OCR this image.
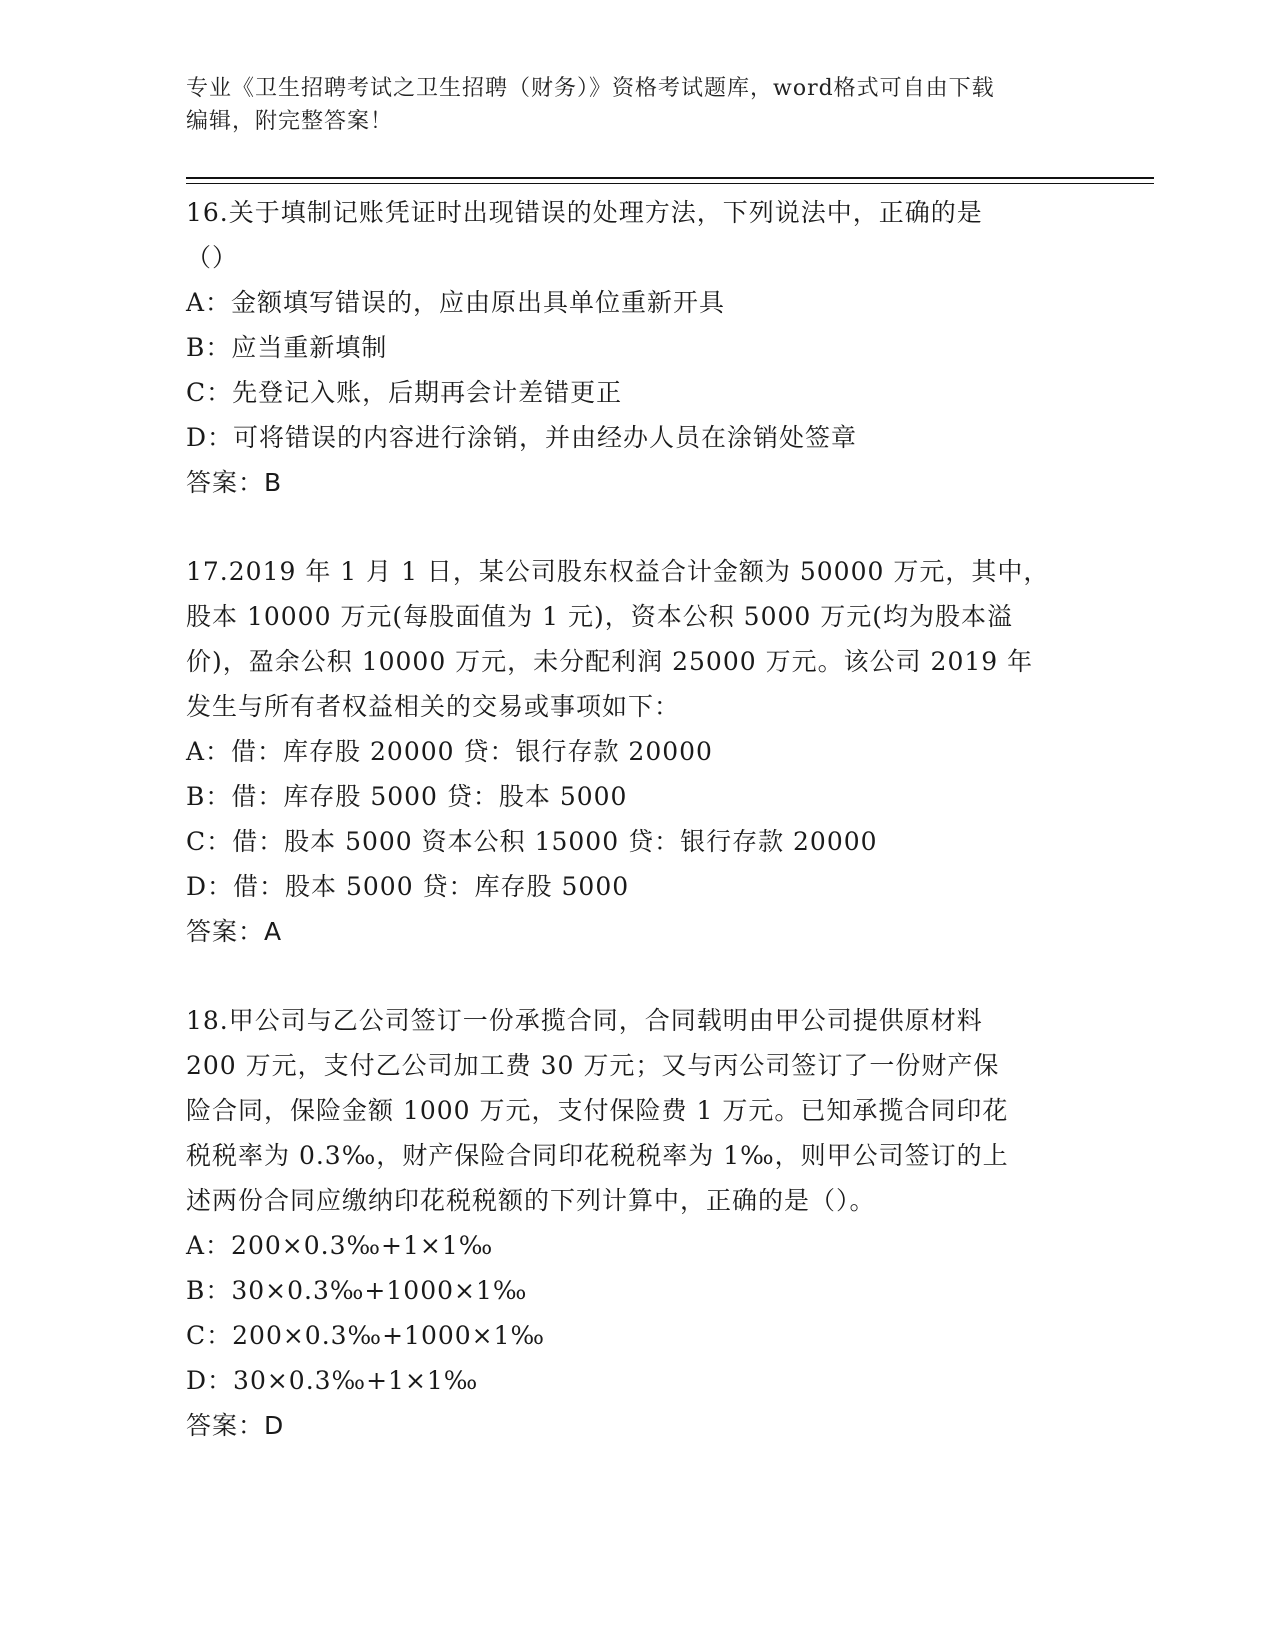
专业《卫生招聘考试之卫生招聘（财务）》资格考试题库，word格式可自由下载
编辑，附完整答案！
16.关于填制记账凭证时出现错误的处理方法，下列说法中，正确的是
（）
A：金额填写错误的，应由原出具单位重新开具
B：应当重新填制
C：先登记入账，后期再会计差错更正
D：可将错误的内容进行涂销，并由经办人员在涂销处签章
答案：B
17.2019 年 1 月 1 日，某公司股东权益合计金额为 50000 万元，其中，
股本 10000 万元(每股面值为 1 元)，资本公积 5000 万元(均为股本溢
价)，盈余公积 10000 万元，未分配利润 25000 万元。该公司 2019 年
发生与所有者权益相关的交易或事项如下：
A：借：库存股 20000 贷：银行存款 20000
B：借：库存股 5000 贷：股本 5000
C：借：股本 5000 资本公积 15000 贷：银行存款 20000
D：借：股本 5000 贷：库存股 5000
答案：A
18.甲公司与乙公司签订一份承揽合同，合同载明由甲公司提供原材料
200 万元，支付乙公司加工费 30 万元；又与丙公司签订了一份财产保
险合同，保险金额 1000 万元，支付保险费 1 万元。已知承揽合同印花
税税率为 0.3‰，财产保险合同印花税税率为 1‰，则甲公司签订的上
述两份合同应缴纳印花税税额的下列计算中，正确的是（）。
A：200×0.3‰+1×1‰
B：30×0.3‰+1000×1‰
C：200×0.3‰+1000×1‰
D：30×0.3‰+1×1‰
答案：D
